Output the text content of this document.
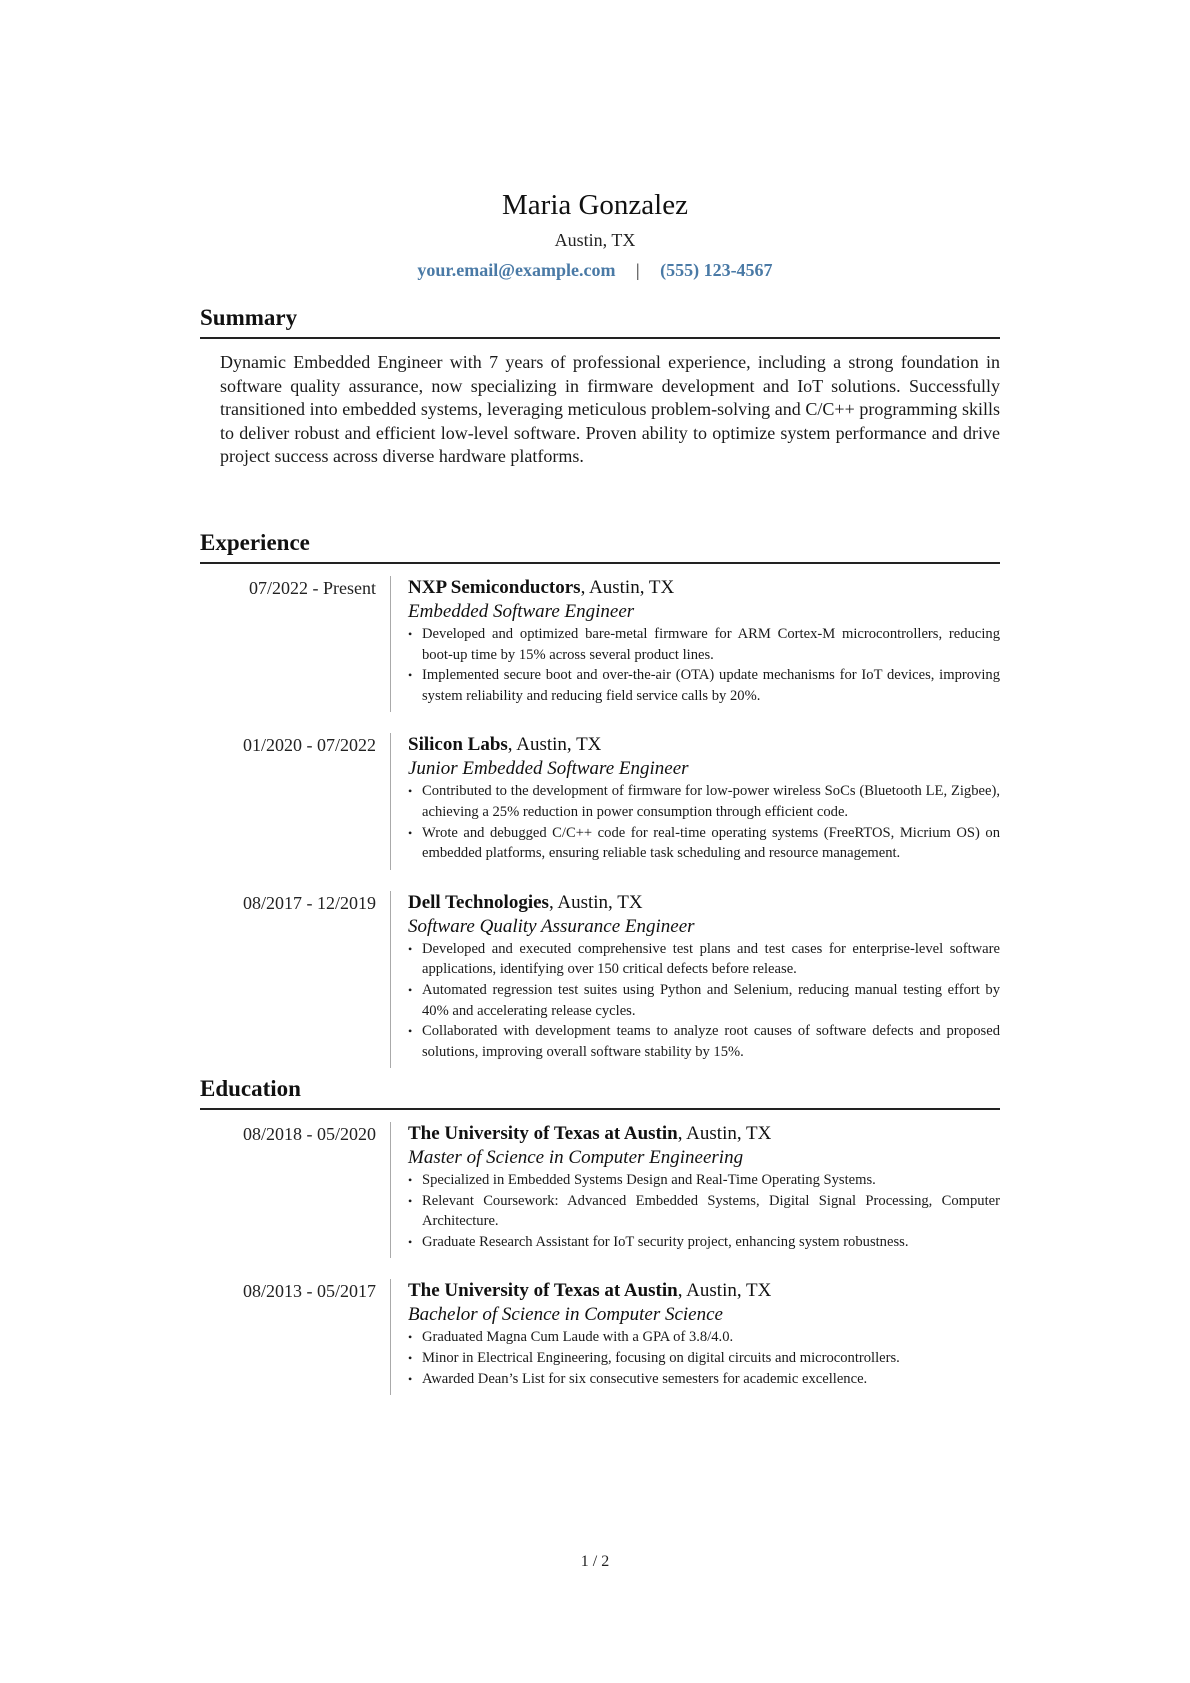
Maria Gonzalez
Austin, TX
your.email@example.com | (555) 123-4567
Summary
Dynamic Embedded Engineer with 7 years of professional experience, including a strong foundation in software quality assurance, now specializing in firmware development and IoT solutions. Successfully transitioned into embedded systems, leveraging meticulous problem-solving and C/C++ programming skills to deliver robust and efficient low-level software. Proven ability to optimize system performance and drive project success across diverse hardware platforms.
Experience
07/2022 - Present NXP Semiconductors, Austin, TX
Embedded Software Engineer
• Developed and optimized bare-metal firmware for ARM Cortex-M microcontrollers, reducing boot-up time by 15% across several product lines.
• Implemented secure boot and over-the-air (OTA) update mechanisms for IoT devices, improving system reliability and reducing field service calls by 20%.
01/2020 - 07/2022 Silicon Labs, Austin, TX
Junior Embedded Software Engineer
• Contributed to the development of firmware for low-power wireless SoCs (Bluetooth LE, Zigbee), achieving a 25% reduction in power consumption through efficient code.
• Wrote and debugged C/C++ code for real-time operating systems (FreeRTOS, Micrium OS) on embedded platforms, ensuring reliable task scheduling and resource management.
08/2017 - 12/2019 Dell Technologies, Austin, TX
Software Quality Assurance Engineer
• Developed and executed comprehensive test plans and test cases for enterprise-level software applications, identifying over 150 critical defects before release.
• Automated regression test suites using Python and Selenium, reducing manual testing effort by 40% and accelerating release cycles.
• Collaborated with development teams to analyze root causes of software defects and proposed solutions, improving overall software stability by 15%.
Education
08/2018 - 05/2020 The University of Texas at Austin, Austin, TX
Master of Science in Computer Engineering
• Specialized in Embedded Systems Design and Real-Time Operating Systems.
• Relevant Coursework: Advanced Embedded Systems, Digital Signal Processing, Computer Architecture.
• Graduate Research Assistant for IoT security project, enhancing system robustness.
08/2013 - 05/2017 The University of Texas at Austin, Austin, TX
Bachelor of Science in Computer Science
• Graduated Magna Cum Laude with a GPA of 3.8/4.0.
• Minor in Electrical Engineering, focusing on digital circuits and microcontrollers.
• Awarded Dean’s List for six consecutive semesters for academic excellence.
1 / 2
